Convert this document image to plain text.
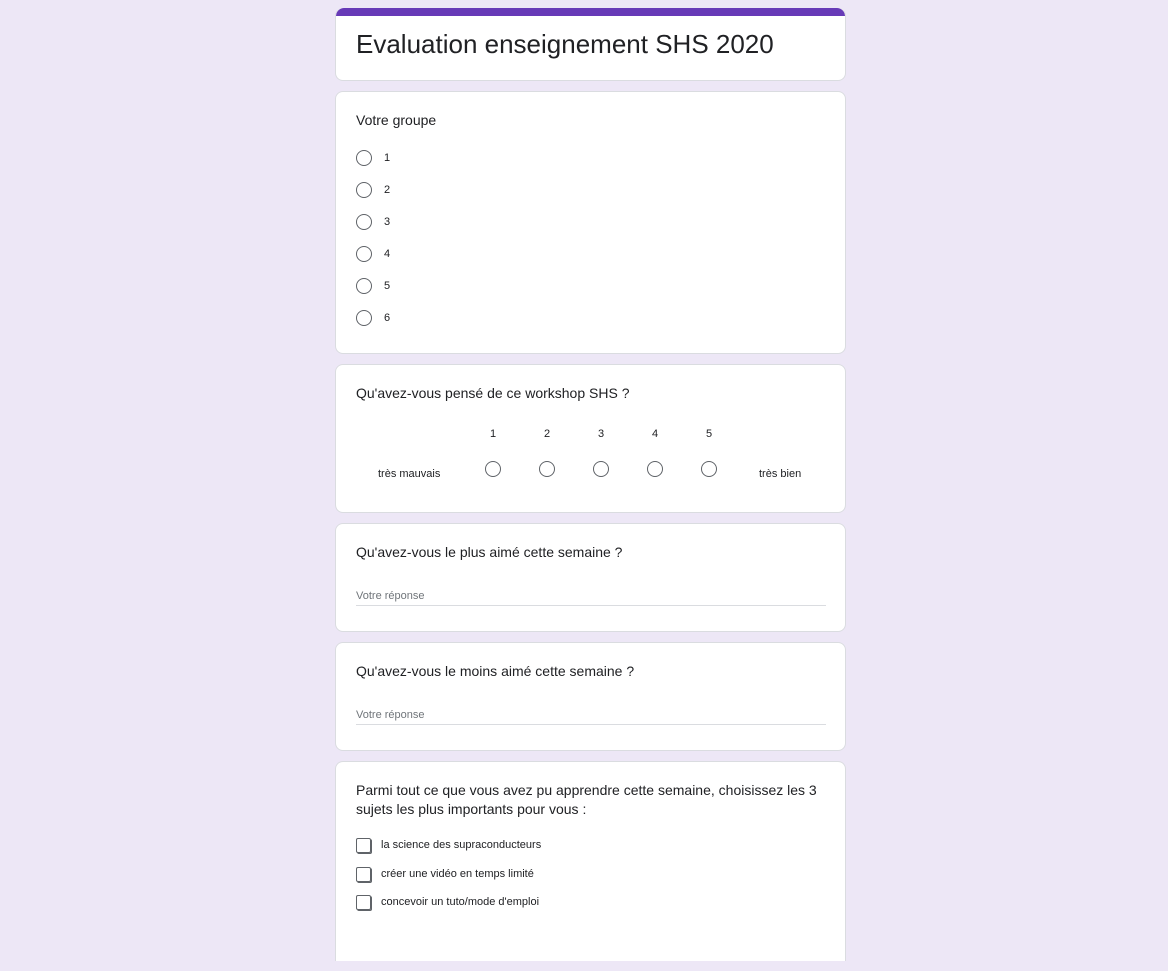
Evaluation enseignement SHS 2020
Votre groupe
1
2
3
4
5
6
Qu'avez-vous pensé de ce workshop SHS ?
très mauvais
1	2	3	4	5
très bien
Qu'avez-vous le plus aimé cette semaine ?
Votre réponse
Qu'avez-vous le moins aimé cette semaine ?
Votre réponse
Parmi tout ce que vous avez pu apprendre cette semaine, choisissez les 3 sujets les plus importants pour vous :
la science des supraconducteurs
créer une vidéo en temps limité
concevoir un tuto/mode d'emploi
